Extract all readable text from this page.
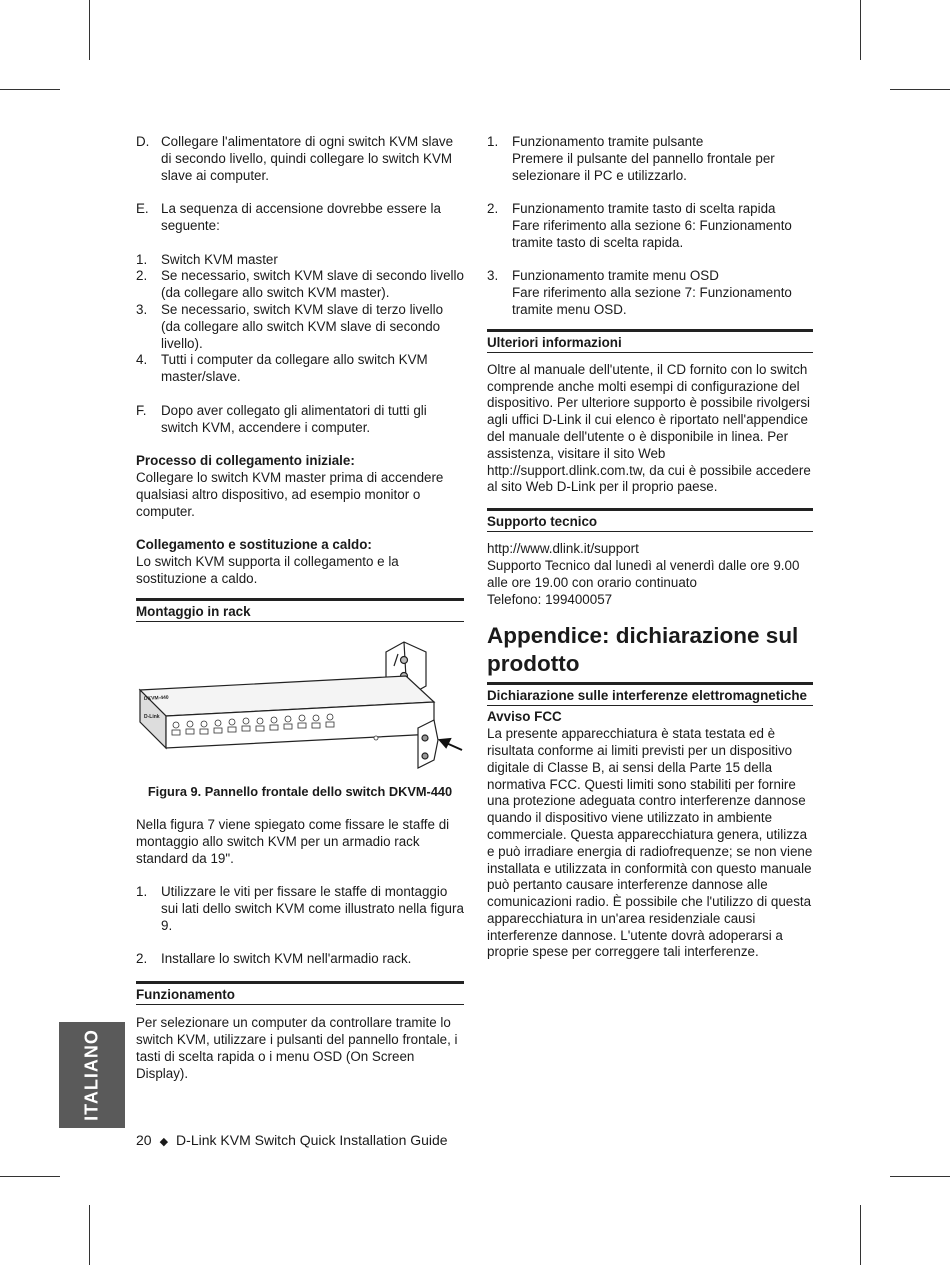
D. Collegare l'alimentatore di ogni switch KVM slave di secondo livello, quindi collegare lo switch KVM slave ai computer.

E. La sequenza di accensione dovrebbe essere la seguente:

1. Switch KVM master

2. Se necessario, switch KVM slave di secondo livello (da collegare allo switch KVM master).

3. Se necessario, switch KVM slave di terzo livello (da collegare allo switch KVM slave di secondo livello).

4. Tutti i computer da collegare allo switch KVM master/slave.

F. Dopo aver collegato gli alimentatori di tutti gli switch KVM, accendere i computer.

Processo di collegamento iniziale:

Collegare lo switch KVM master prima di accendere qualsiasi altro dispositivo, ad esempio monitor o computer.

Collegamento e sostituzione a caldo:

Lo switch KVM supporta il collegamento e la sostituzione a caldo.

Montaggio in rack
DKVM-440
D-Link

Figura 9. Pannello frontale dello switch DKVM-440

Nella figura 7 viene spiegato come fissare le staffe di montaggio allo switch KVM per un armadio rack standard da 19".

1. Utilizzare le viti per fissare le staffe di montaggio sui lati dello switch KVM come illustrato nella figura 9.

2. Installare lo switch KVM nell'armadio rack.

Funzionamento

Per selezionare un computer da controllare tramite lo switch KVM, utilizzare i pulsanti del pannello frontale, i tasti di scelta rapida o i menu OSD (On Screen Display).

1. Funzionamento tramite pulsante
Premere il pulsante del pannello frontale per selezionare il PC e utilizzarlo.
2. Funzionamento tramite tasto di scelta rapida
Fare riferimento alla sezione 6: Funzionamento tramite tasto di scelta rapida.
3. Funzionamento tramite menu OSD
Fare riferimento alla sezione 7: Funzionamento tramite menu OSD.
Ulteriori informazioni

Oltre al manuale dell'utente, il CD fornito con lo switch comprende anche molti esempi di configurazione del dispositivo. Per ulteriore supporto è possibile rivolgersi agli uffici D-Link il cui elenco è riportato nell'appendice del manuale dell'utente o è disponibile in linea. Per assistenza, visitare il sito Web http://support.dlink.com.tw, da cui è possibile accedere al sito Web D-Link per il proprio paese.

Supporto tecnico

http://www.dlink.it/support

Supporto Tecnico dal lunedì al venerdì dalle ore 9.00 alle ore 19.00 con orario continuato

Telefono: 199400057

Appendice: dichiarazione sul prodotto
Dichiarazione sulle interferenze elettromagnetiche

Avviso FCC

La presente apparecchiatura è stata testata ed è risultata conforme ai limiti previsti per un dispositivo digitale di Classe B, ai sensi della Parte 15 della normativa FCC. Questi limiti sono stabiliti per fornire una protezione adeguata contro interferenze dannose quando il dispositivo viene utilizzato in ambiente commerciale. Questa apparecchiatura genera, utilizza e può irradiare energia di radiofrequenze; se non viene installata e utilizzata in conformità con questo manuale può pertanto causare interferenze dannose alle comunicazioni radio. È possibile che l'utilizzo di questa apparecchiatura in un'area residenziale causi interferenze dannose. L'utente dovrà adoperarsi a proprie spese per correggere tali interferenze.

ITALIANO
20 ◆ D-Link KVM Switch Quick Installation Guide
